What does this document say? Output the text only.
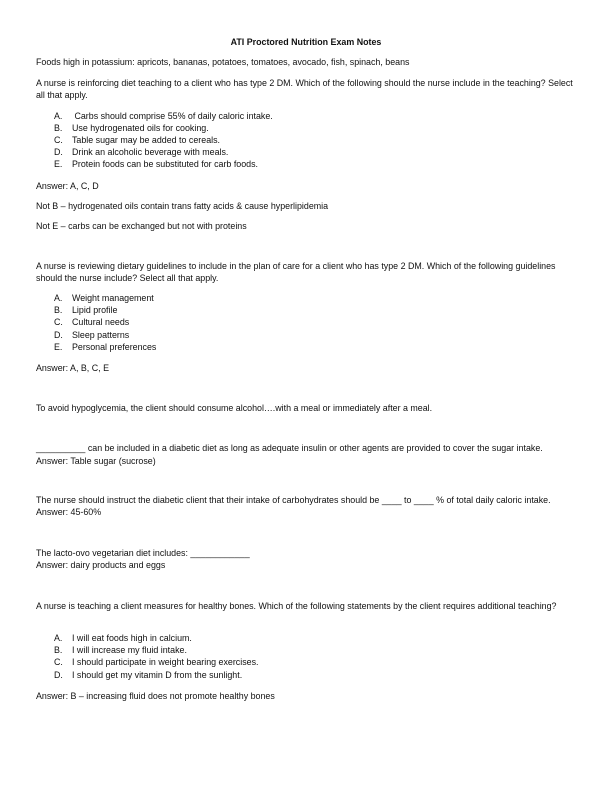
ATI Proctored Nutrition Exam Notes
Foods high in potassium: apricots, bananas, potatoes, tomatoes, avocado, fish, spinach, beans
A nurse is reinforcing diet teaching to a client who has type 2 DM. Which of the following should the nurse include in the teaching? Select all that apply.
A. Carbs should comprise 55% of daily caloric intake.
B. Use hydrogenated oils for cooking.
C. Table sugar may be added to cereals.
D. Drink an alcoholic beverage with meals.
E. Protein foods can be substituted for carb foods.
Answer: A, C, D
Not B – hydrogenated oils contain trans fatty acids & cause hyperlipidemia
Not E – carbs can be exchanged but not with proteins
A nurse is reviewing dietary guidelines to include in the plan of care for a client who has type 2 DM. Which of the following guidelines should the nurse include? Select all that apply.
A. Weight management
B. Lipid profile
C. Cultural needs
D. Sleep patterns
E. Personal preferences
Answer: A, B, C, E
To avoid hypoglycemia, the client should consume alcohol….with a meal or immediately after a meal.
__________ can be included in a diabetic diet as long as adequate insulin or other agents are provided to cover the sugar intake.
Answer: Table sugar (sucrose)
The nurse should instruct the diabetic client that their intake of carbohydrates should be ____ to ____ % of total daily caloric intake.
Answer: 45-60%
The lacto-ovo vegetarian diet includes: ____________
Answer: dairy products and eggs
A nurse is teaching a client measures for healthy bones. Which of the following statements by the client requires additional teaching?
A. I will eat foods high in calcium.
B. I will increase my fluid intake.
C. I should participate in weight bearing exercises.
D. I should get my vitamin D from the sunlight.
Answer: B – increasing fluid does not promote healthy bones
